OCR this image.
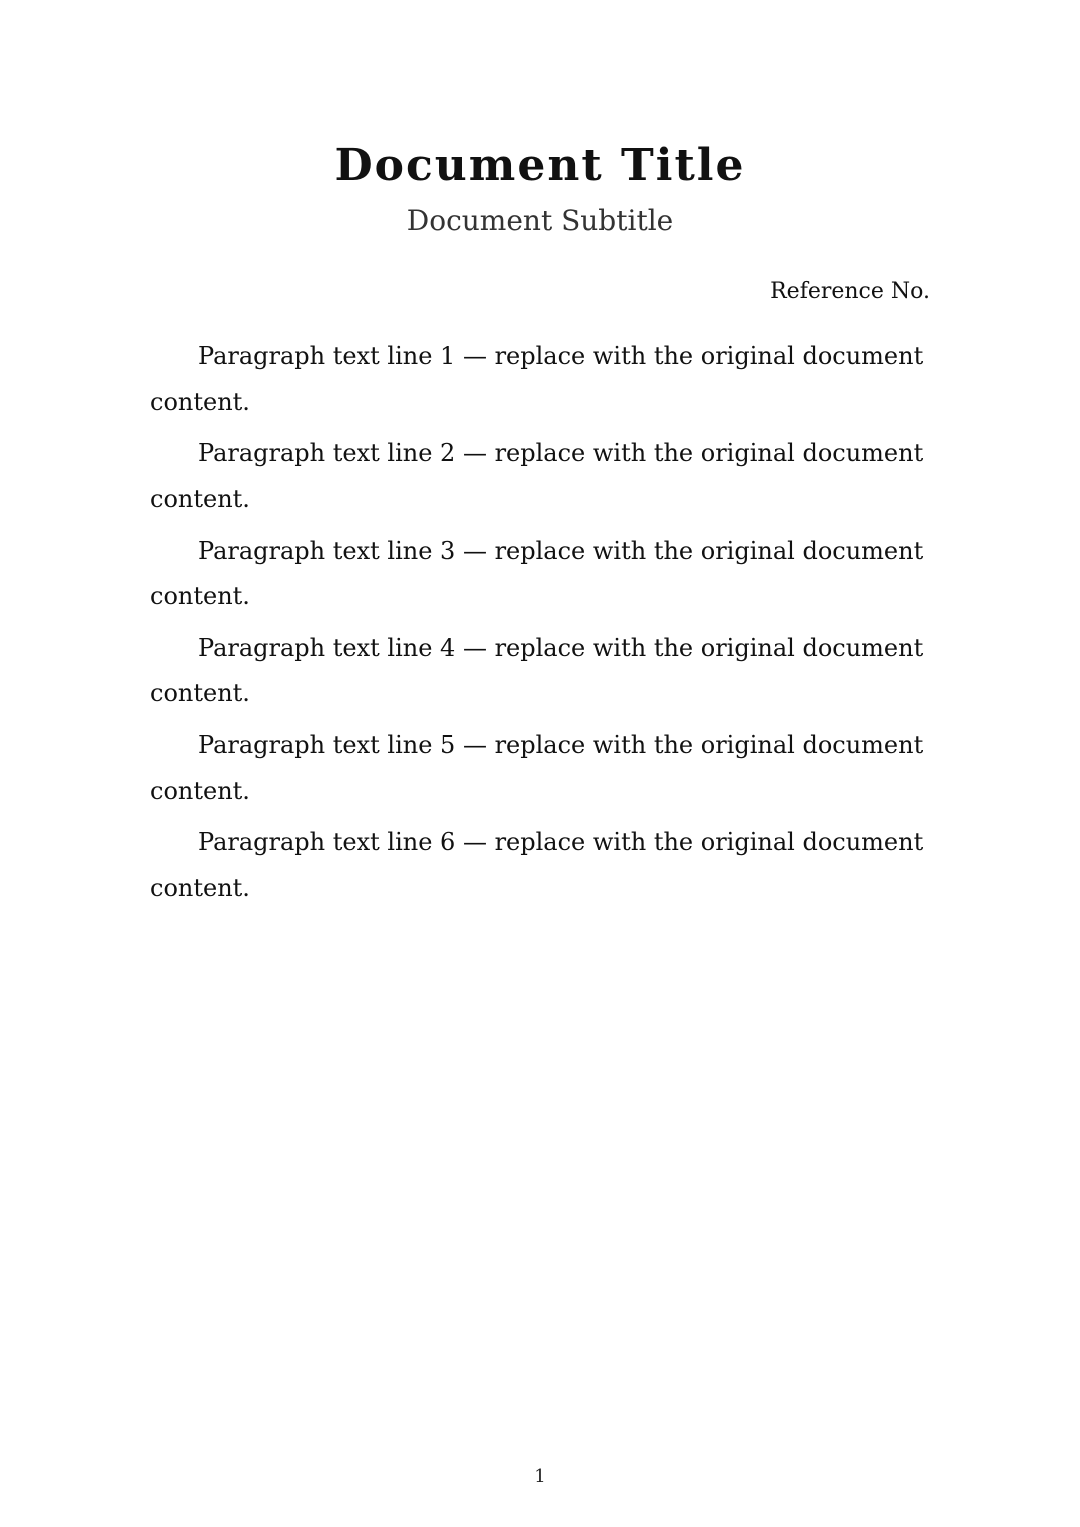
Document Title
Document Subtitle
Reference No.

Paragraph text line 1 — replace with the original document content.

Paragraph text line 2 — replace with the original document content.

Paragraph text line 3 — replace with the original document content.

Paragraph text line 4 — replace with the original document content.

Paragraph text line 5 — replace with the original document content.

Paragraph text line 6 — replace with the original document content.

1
